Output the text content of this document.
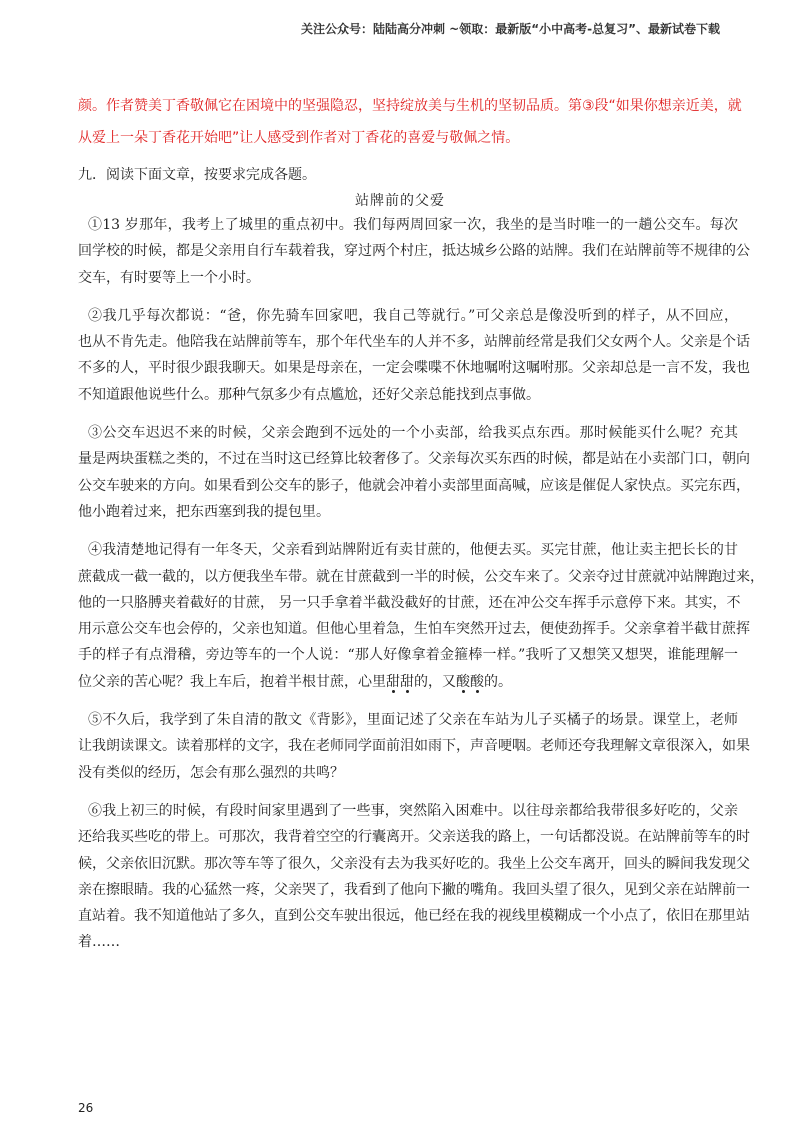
关注公众号：陆陆高分冲刺 ~领取：最新版“小中高考-总复习”、最新试卷下载
颜。作者赞美丁香敬佩它在困境中的坚强隐忍，坚持绽放美与生机的坚韧品质。第③段“如果你想亲近美，就
从爱上一朵丁香花开始吧”让人感受到作者对丁香花的喜爱与敬佩之情。
九．阅读下面文章，按要求完成各题。
站牌前的父爱
①13 岁那年，我考上了城里的重点初中。我们每两周回家一次，我坐的是当时唯一的一趟公交车。每次
回学校的时候，都是父亲用自行车载着我，穿过两个村庄，抵达城乡公路的站牌。我们在站牌前等不规律的公
交车，有时要等上一个小时。
②我几乎每次都说：“爸，你先骑车回家吧，我自己等就行。”可父亲总是像没听到的样子，从不回应，
也从不肯先走。他陪我在站牌前等车，那个年代坐车的人并不多，站牌前经常是我们父女两个人。父亲是个话
不多的人，平时很少跟我聊天。如果是母亲在，一定会喋喋不休地嘱咐这嘱咐那。父亲却总是一言不发，我也
不知道跟他说些什么。那种气氛多少有点尴尬，还好父亲总能找到点事做。
③公交车迟迟不来的时候，父亲会跑到不远处的一个小卖部，给我买点东西。那时候能买什么呢？充其
量是两块蛋糕之类的，不过在当时这已经算比较奢侈了。父亲每次买东西的时候，都是站在小卖部门口，朝向
公交车驶来的方向。如果看到公交车的影子，他就会冲着小卖部里面高喊，应该是催促人家快点。买完东西，
他小跑着过来，把东西塞到我的提包里。
④我清楚地记得有一年冬天，父亲看到站牌附近有卖甘蔗的，他便去买。买完甘蔗，他让卖主把长长的甘
蔗截成一截一截的，以方便我坐车带。就在甘蔗截到一半的时候，公交车来了。父亲夺过甘蔗就冲站牌跑过来，
他的一只胳膊夹着截好的甘蔗， 另一只手拿着半截没截好的甘蔗，还在冲公交车挥手示意停下来。其实，不
用示意公交车也会停的，父亲也知道。但他心里着急，生怕车突然开过去，便使劲挥手。父亲拿着半截甘蔗挥
手的样子有点滑稽，旁边等车的一个人说：“那人好像拿着金箍棒一样。”我听了又想笑又想哭，谁能理解一
位父亲的苦心呢？我上车后，抱着半根甘蔗，心里甜甜的，又酸酸的。
⑤不久后，我学到了朱自清的散文《背影》，里面记述了父亲在车站为儿子买橘子的场景。课堂上，老师
让我朗读课文。读着那样的文字，我在老师同学面前泪如雨下，声音哽咽。老师还夸我理解文章很深入，如果
没有类似的经历，怎会有那么强烈的共鸣？
⑥我上初三的时候，有段时间家里遇到了一些事，突然陷入困难中。以往母亲都给我带很多好吃的，父亲
还给我买些吃的带上。可那次，我背着空空的行囊离开。父亲送我的路上，一句话都没说。在站牌前等车的时
候，父亲依旧沉默。那次等车等了很久，父亲没有去为我买好吃的。我坐上公交车离开，回头的瞬间我发现父
亲在擦眼睛。我的心猛然一疼，父亲哭了，我看到了他向下撇的嘴角。我回头望了很久，见到父亲在站牌前一
直站着。我不知道他站了多久，直到公交车驶出很远，他已经在我的视线里模糊成一个小点了，依旧在那里站
着……
26
